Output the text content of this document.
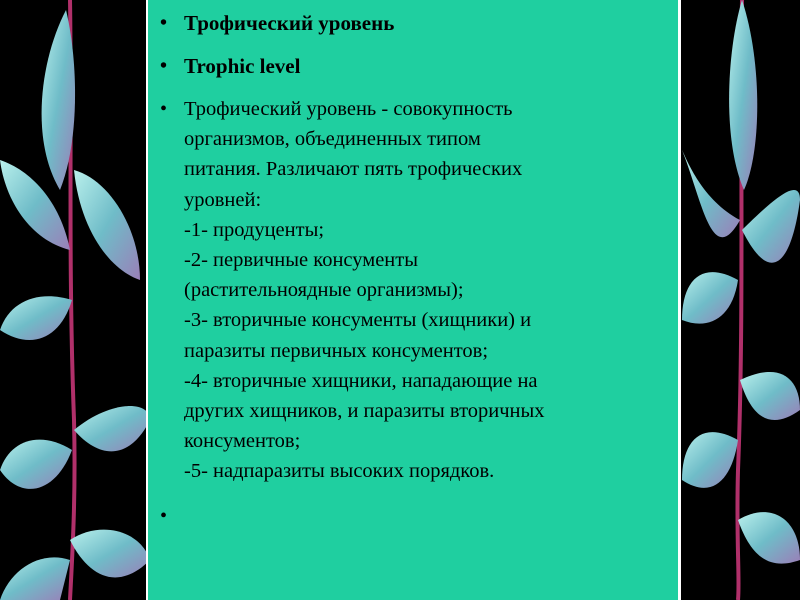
• Трофический уровень
• Trophic level
• Трофический уровень - совокупность
организмов, объединенных типом
питания. Различают пять трофических
уровней:
-1- продуценты;
-2- первичные консументы
(растительноядные организмы);
-3- вторичные консументы (хищники) и
паразиты первичных консументов;
-4- вторичные хищники, нападающие на
других хищников, и паразиты вторичных
консументов;
-5- надпаразиты высоких порядков.
•
